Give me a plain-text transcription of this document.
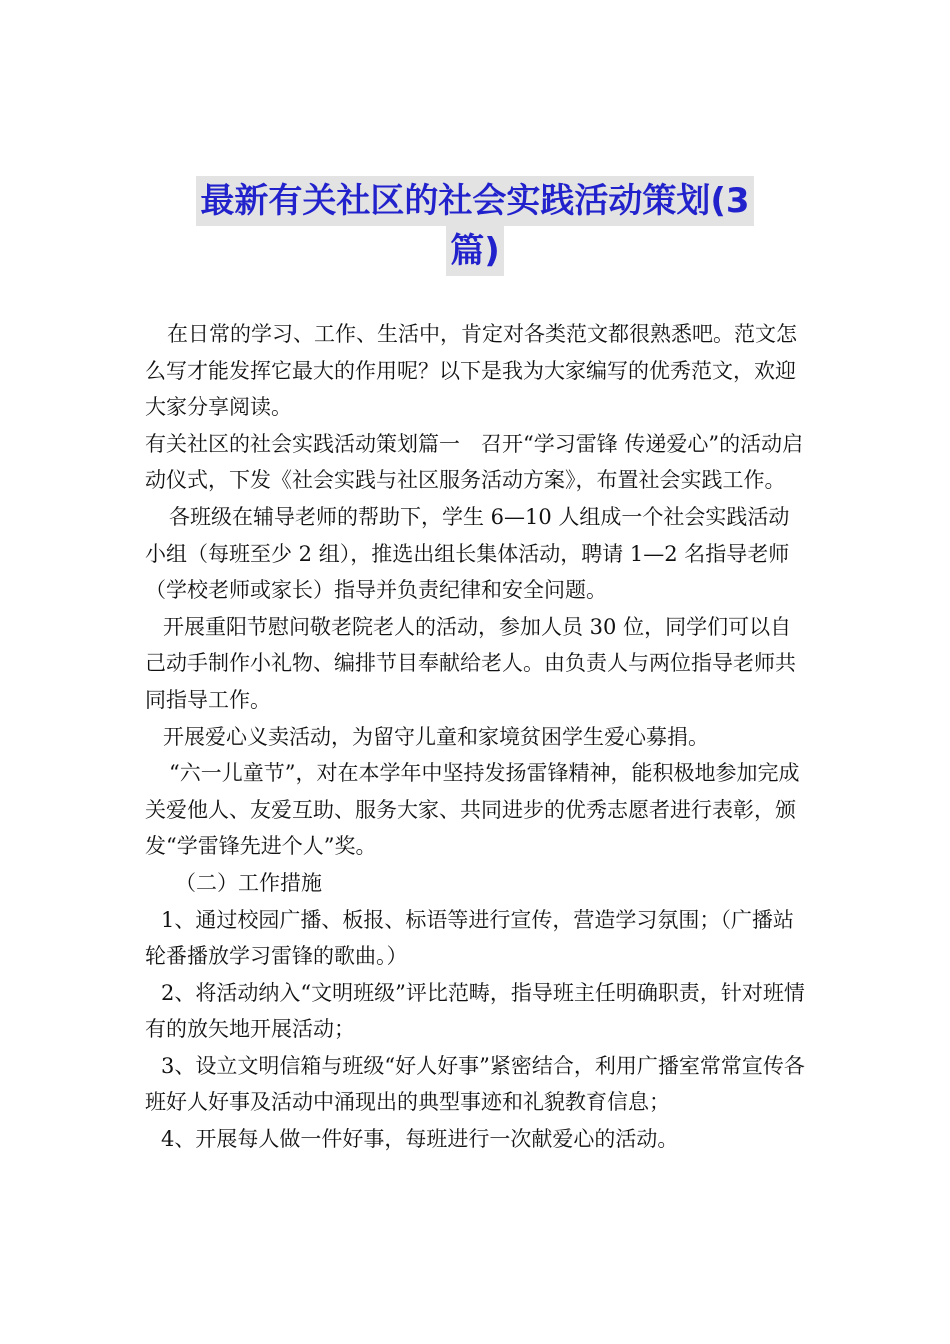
最新有关社区的社会实践活动策划(3
篇)

在日常的学习、工作、生活中，肯定对各类范文都很熟悉吧。范文怎么写才能发挥它最大的作用呢？以下是我为大家编写的优秀范文，欢迎大家分享阅读。

有关社区的社会实践活动策划篇一　召开“学习雷锋 传递爱心”的活动启动仪式，下发《社会实践与社区服务活动方案》，布置社会实践工作。

各班级在辅导老师的帮助下，学生 6—10 人组成一个社会实践活动小组（每班至少 2 组），推选出组长集体活动，聘请 1—2 名指导老师（学校老师或家长）指导并负责纪律和安全问题。

开展重阳节慰问敬老院老人的活动，参加人员 30 位，同学们可以自己动手制作小礼物、编排节目奉献给老人。由负责人与两位指导老师共同指导工作。

开展爱心义卖活动，为留守儿童和家境贫困学生爱心募捐。

“六一儿童节”，对在本学年中坚持发扬雷锋精神，能积极地参加完成关爱他人、友爱互助、服务大家、共同进步的优秀志愿者进行表彰，颁发“学雷锋先进个人”奖。

（二）工作措施

1、通过校园广播、板报、标语等进行宣传，营造学习氛围；（广播站轮番播放学习雷锋的歌曲。）

2、将活动纳入“文明班级”评比范畴，指导班主任明确职责，针对班情有的放矢地开展活动；

3、设立文明信箱与班级“好人好事”紧密结合，利用广播室常常宣传各班好人好事及活动中涌现出的典型事迹和礼貌教育信息；

4、开展每人做一件好事，每班进行一次献爱心的活动。
